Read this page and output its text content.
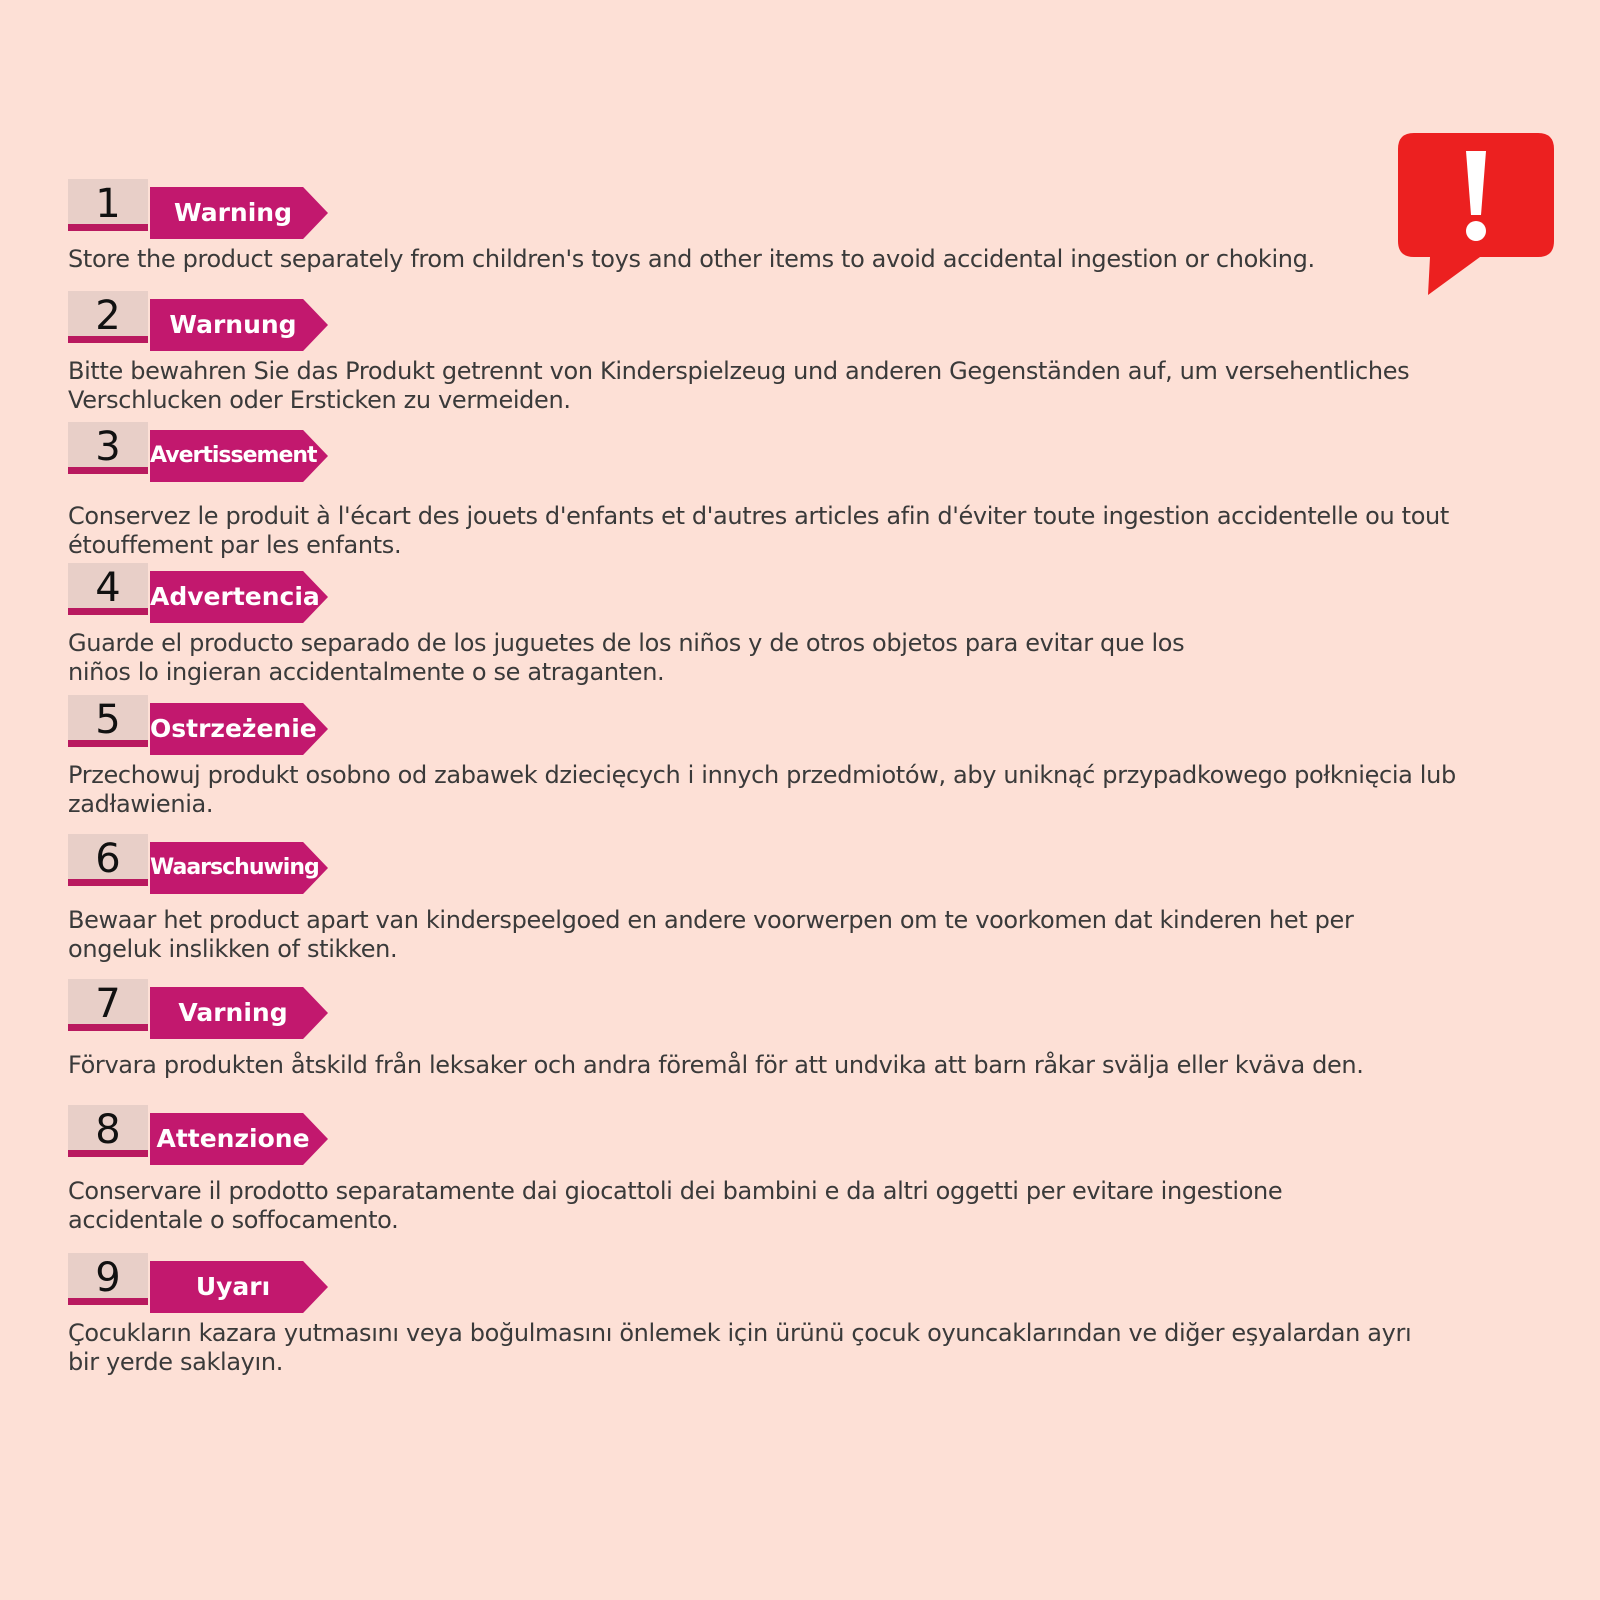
1	Warning

Store the product separately from children's toys and other items to avoid accidental ingestion or choking.

2	Warnung

Bitte bewahren Sie das Produkt getrennt von Kinderspielzeug und anderen Gegenständen auf, um versehentliches Verschlucken oder Ersticken zu vermeiden.

3	Avertissement

Conservez le produit à l'écart des jouets d'enfants et d'autres articles afin d'éviter toute ingestion accidentelle ou tout étouffement par les enfants.

4	Advertencia

Guarde el producto separado de los juguetes de los niños y de otros objetos para evitar que los niños lo ingieran accidentalmente o se atraganten.

5	Ostrzeżenie

Przechowuj produkt osobno od zabawek dziecięcych i innych przedmiotów, aby uniknąć przypadkowego połknięcia lub zadławienia.

6	Waarschuwing

Bewaar het product apart van kinderspeelgoed en andere voorwerpen om te voorkomen dat kinderen het per ongeluk inslikken of stikken.

7	Varning

Förvara produkten åtskild från leksaker och andra föremål för att undvika att barn råkar svälja eller kväva den.

8	Attenzione

Conservare il prodotto separatamente dai giocattoli dei bambini e da altri oggetti per evitare ingestione accidentale o soffocamento.

9	Uyarı

Çocukların kazara yutmasını veya boğulmasını önlemek için ürünü çocuk oyuncaklarından ve diğer eşyalardan ayrı bir yerde saklayın.
